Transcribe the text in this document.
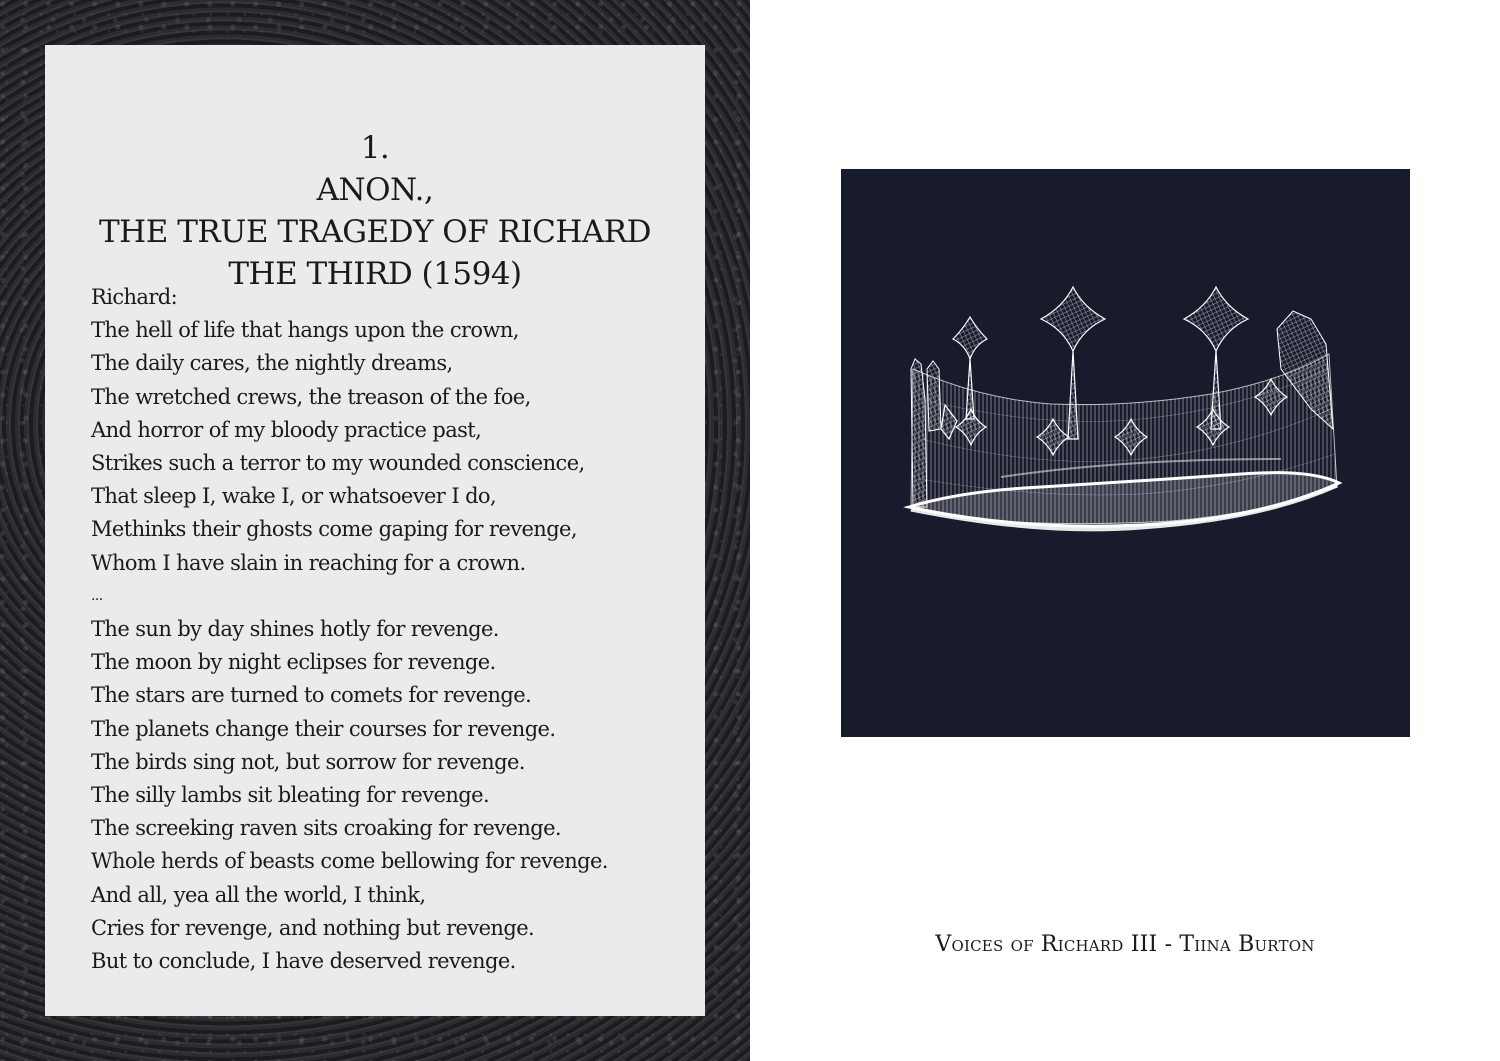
1.
ANON.,
THE TRUE TRAGEDY OF RICHARD
THE THIRD (1594)
Richard:
The hell of life that hangs upon the crown,
The daily cares, the nightly dreams,
The wretched crews, the treason of the foe,
And horror of my bloody practice past,
Strikes such a terror to my wounded conscience,
That sleep I, wake I, or whatsoever I do,
Methinks their ghosts come gaping for revenge,
Whom I have slain in reaching for a crown.
...
The sun by day shines hotly for revenge.
The moon by night eclipses for revenge.
The stars are turned to comets for revenge.
The planets change their courses for revenge.
The birds sing not, but sorrow for revenge.
The silly lambs sit bleating for revenge.
The screeking raven sits croaking for revenge.
Whole herds of beasts come bellowing for revenge.
And all, yea all the world, I think,
Cries for revenge, and nothing but revenge.
But to conclude, I have deserved revenge.
Voices of Richard III - Tiina Burton
